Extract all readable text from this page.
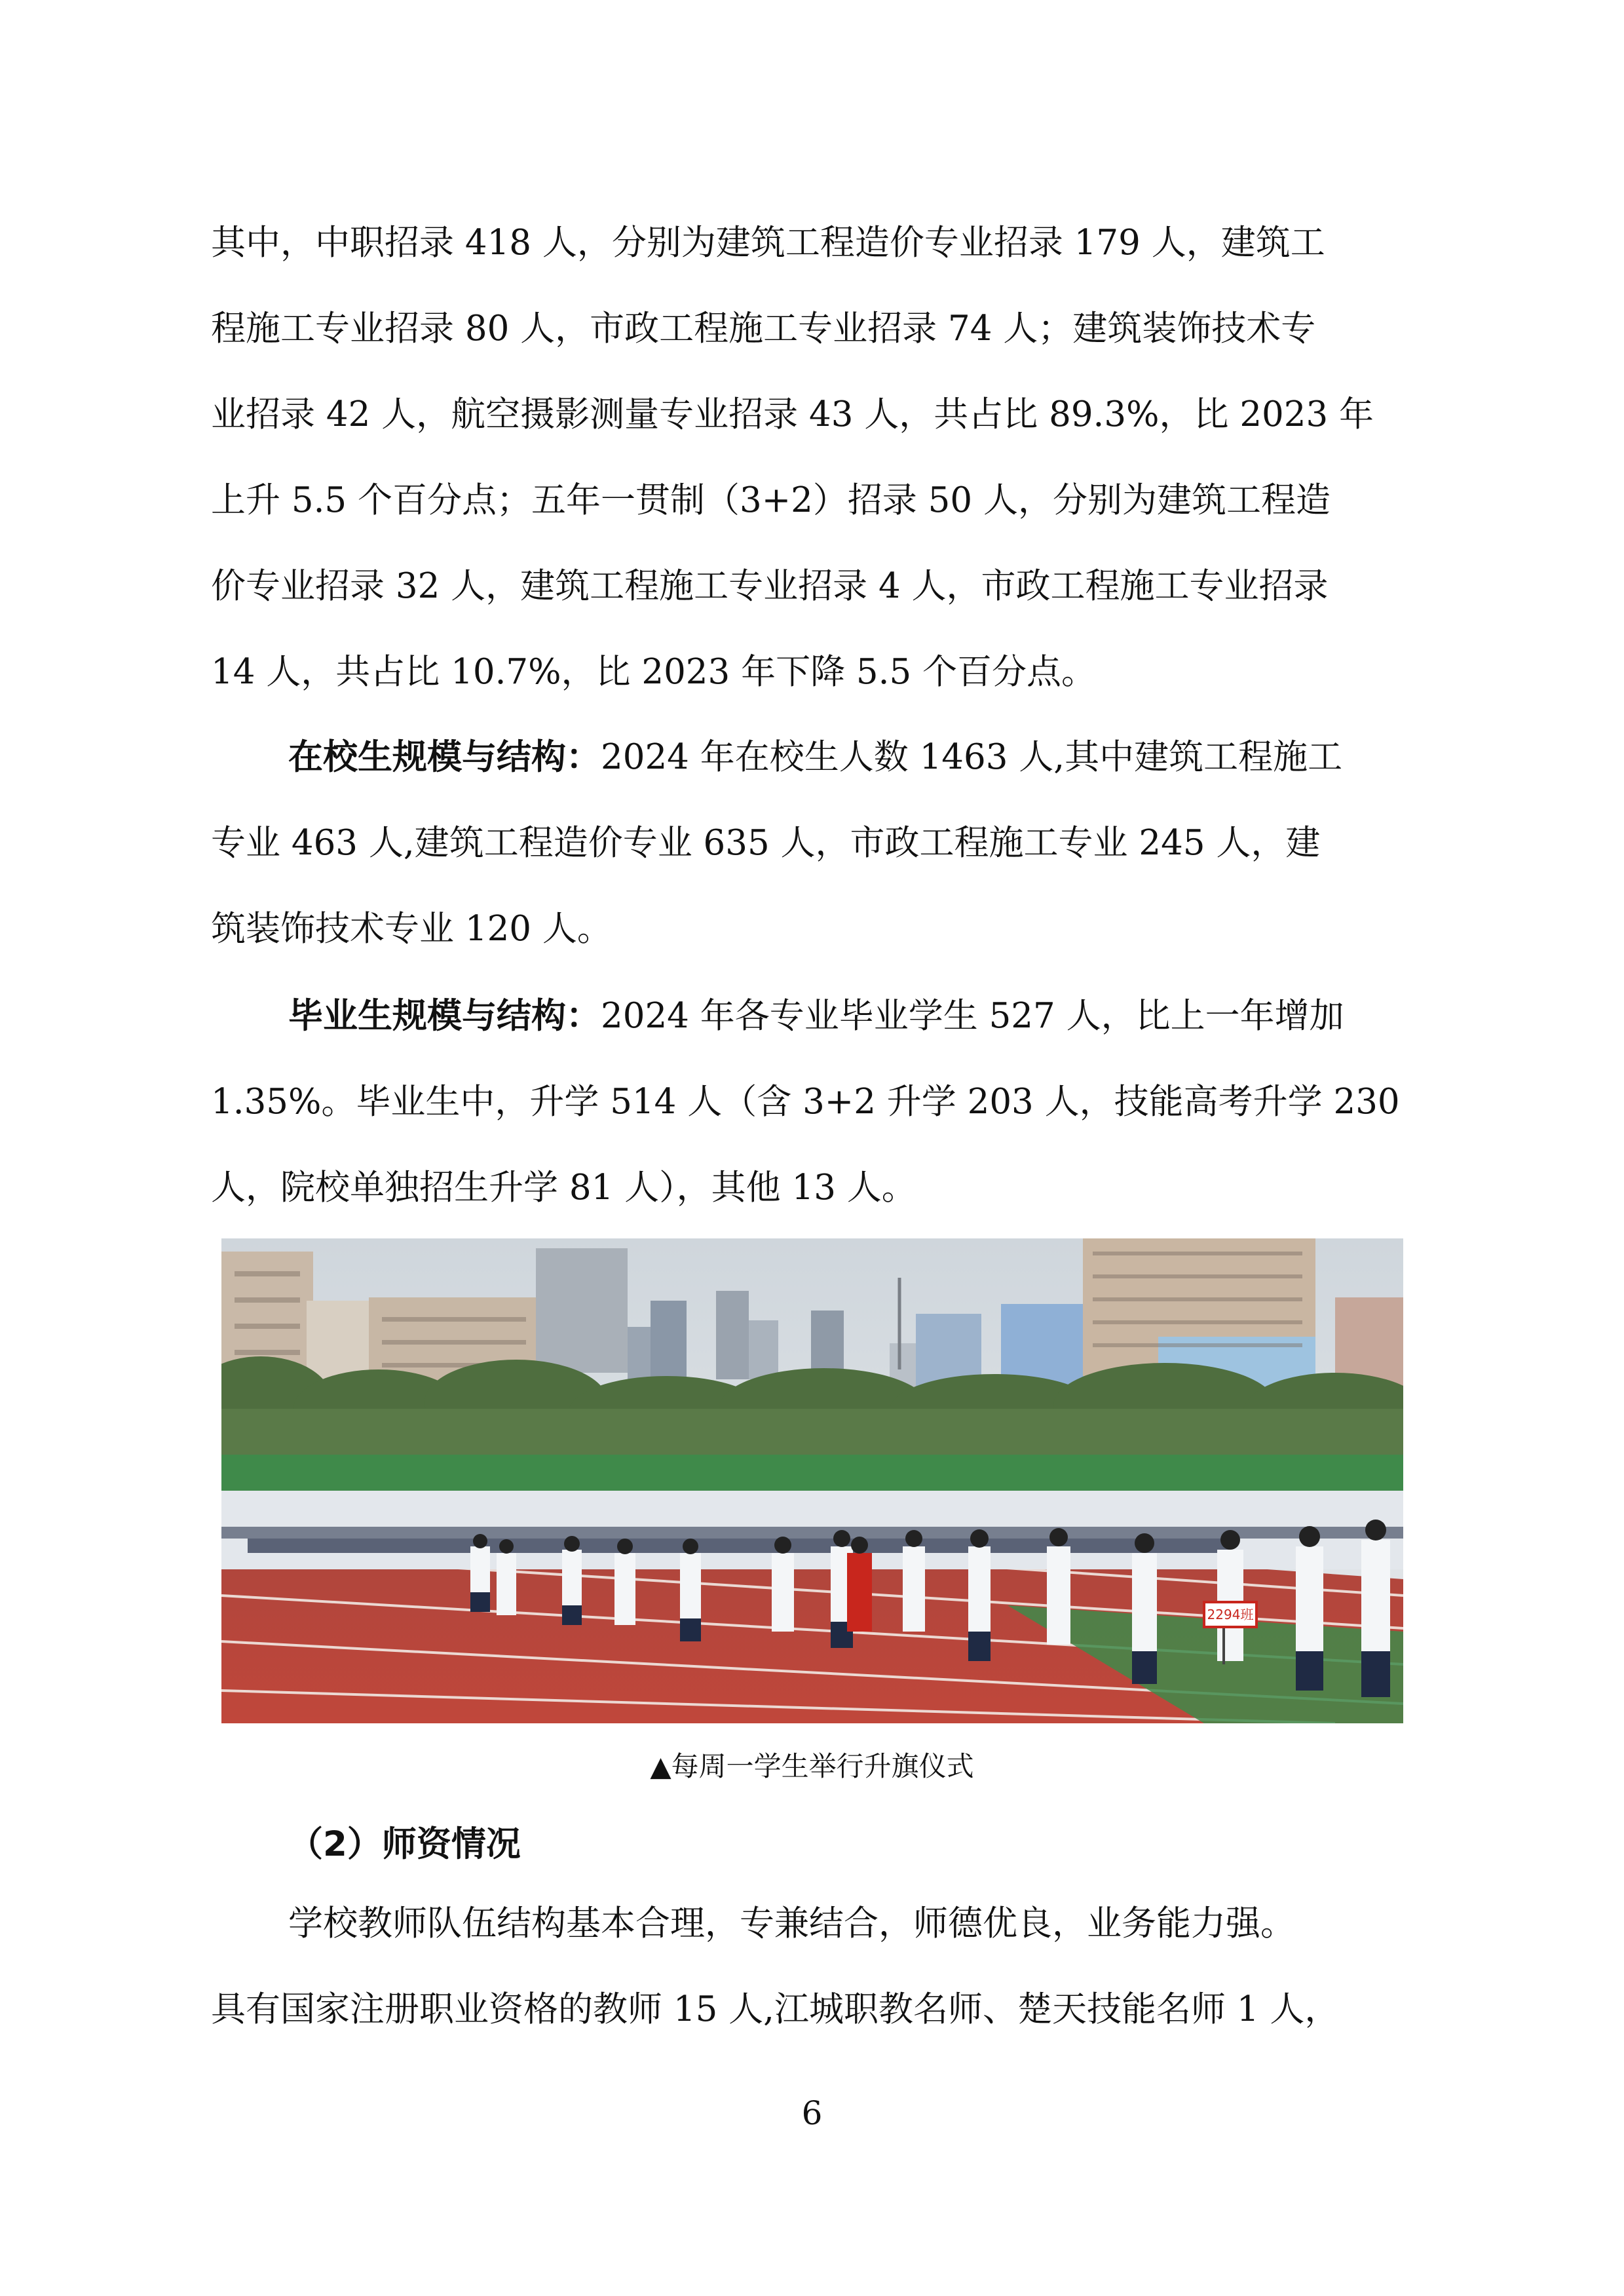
其中，中职招录 418 人，分别为建筑工程造价专业招录 179 人，建筑工
程施工专业招录 80 人，市政工程施工专业招录 74 人；建筑装饰技术专
业招录 42 人，航空摄影测量专业招录 43 人，共占比 89.3%，比 2023 年
上升 5.5 个百分点；五年一贯制（3+2）招录 50 人，分别为建筑工程造
价专业招录 32 人，建筑工程施工专业招录 4 人，市政工程施工专业招录
14 人，共占比 10.7%，比 2023 年下降 5.5 个百分点。
在校生规模与结构：2024 年在校生人数 1463 人,其中建筑工程施工
专业 463 人,建筑工程造价专业 635 人，市政工程施工专业 245 人，建
筑装饰技术专业 120 人。
毕业生规模与结构：2024 年各专业毕业学生 527 人，比上一年增加
1.35%。毕业生中，升学 514 人（含 3+2 升学 203 人，技能高考升学 230
人，院校单独招生升学 81 人），其他 13 人。
2294班
▲每周一学生举行升旗仪式
（2）师资情况
学校教师队伍结构基本合理，专兼结合，师德优良，业务能力强。
具有国家注册职业资格的教师 15 人,江城职教名师、楚天技能名师 1 人，
6
